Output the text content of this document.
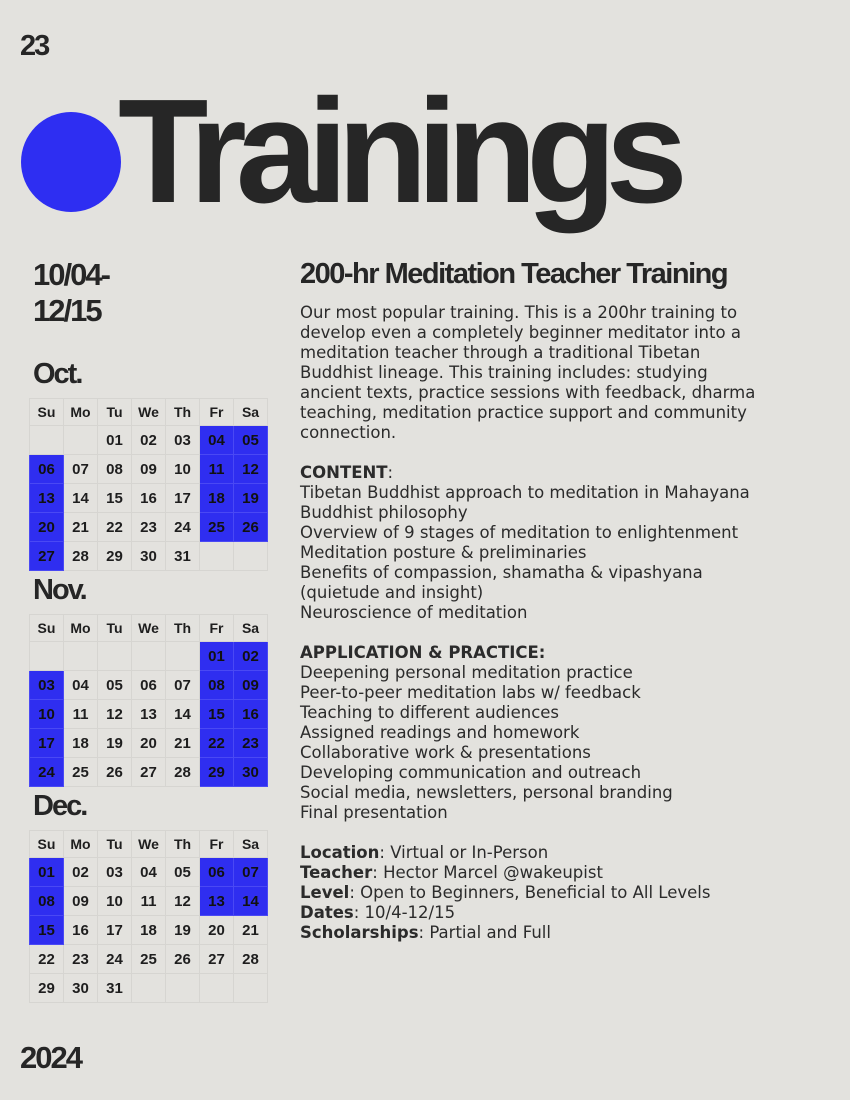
23
Trainings
10/04-
12/15
Oct.
Su	Mo	Tu	We	Th	Fr	Sa
		01	02	03	04	05
06	07	08	09	10	11	12
13	14	15	16	17	18	19
20	21	22	23	24	25	26
27	28	29	30	31		
Nov.
Su	Mo	Tu	We	Th	Fr	Sa
					01	02
03	04	05	06	07	08	09
10	11	12	13	14	15	16
17	18	19	20	21	22	23
24	25	26	27	28	29	30
Dec.
Su	Mo	Tu	We	Th	Fr	Sa
01	02	03	04	05	06	07
08	09	10	11	12	13	14
15	16	17	18	19	20	21
22	23	24	25	26	27	28
29	30	31				
2024
200-hr Meditation Teacher Training
Our most popular training. This is a 200hr training to
develop even a completely beginner meditator into a
meditation teacher through a traditional Tibetan
Buddhist lineage. This training includes: studying
ancient texts, practice sessions with feedback, dharma
teaching, meditation practice support and community
connection.
CONTENT:
Tibetan Buddhist approach to meditation in Mahayana
Buddhist philosophy
Overview of 9 stages of meditation to enlightenment
Meditation posture & preliminaries
Benefits of compassion, shamatha & vipashyana
(quietude and insight)
Neuroscience of meditation
APPLICATION & PRACTICE:
Deepening personal meditation practice
Peer-to-peer meditation labs w/ feedback
Teaching to different audiences
Assigned readings and homework
Collaborative work & presentations
Developing communication and outreach
Social media, newsletters, personal branding
Final presentation
Location: Virtual or In-Person
Teacher: Hector Marcel @wakeupist
Level: Open to Beginners, Beneficial to All Levels
Dates: 10/4-12/15
Scholarships: Partial and Full
